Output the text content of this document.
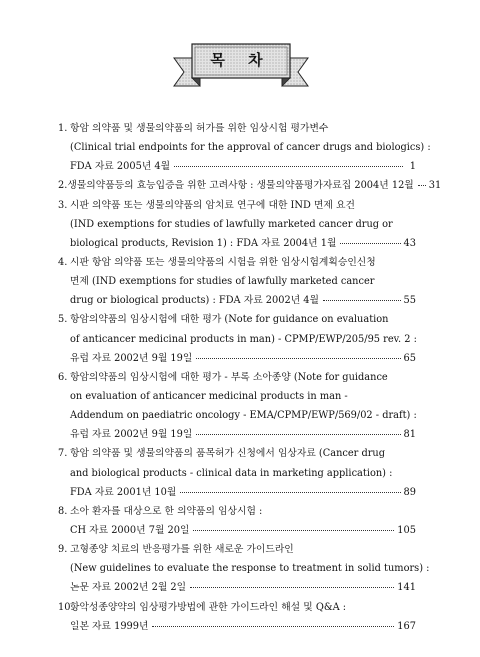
목 차
1. 항암 의약품 및 생물의약품의 허가를 위한 임상시험 평가변수
(Clinical trial endpoints for the approval of cancer drugs and biologics) :
FDA 자료 2005년 4월	1
2. 생물의약품등의 효능입증을 위한 고려사항 : 생물의약품평가자료집 2004년 12월 31
3. 시판 의약품 또는 생물의약품의 암치료 연구에 대한 IND 면제 요건
(IND exemptions for studies of lawfully marketed cancer drug or
biological products, Revision 1) : FDA 자료 2004년 1월	43
4. 시판 항암 의약품 또는 생물의약품의 시험을 위한 임상시험계획승인신청
면제 (IND exemptions for studies of lawfully marketed cancer
drug or biological products) : FDA 자료 2002년 4월	55
5. 항암의약품의 임상시험에 대한 평가 (Note for guidance on evaluation
of anticancer medicinal products in man) - CPMP/EWP/205/95 rev. 2 :
유럽 자료 2002년 9월 19일	65
6. 항암의약품의 임상시험에 대한 평가 - 부록 소아종양 (Note for guidance
on evaluation of anticancer medicinal products in man -
Addendum on paediatric oncology - EMA/CPMP/EWP/569/02 - draft) :
유럽 자료 2002년 9월 19일	81
7. 항암 의약품 및 생물의약품의 품목허가 신청에서 임상자료 (Cancer drug
and biological products - clinical data in marketing application) :
FDA 자료 2001년 10월	89
8. 소아 환자를 대상으로 한 의약품의 임상시험 :
CH 자료 2000년 7월 20일	105
9. 고형종양 치료의 반응평가를 위한 새로운 가이드라인
(New guidelines to evaluate the response to treatment in solid tumors) :
논문 자료 2002년 2월 2일	141
10.항악성종양약의 임상평가방법에 관한 가이드라인 해설 및 Q&A :
일본 자료 1999년	167
